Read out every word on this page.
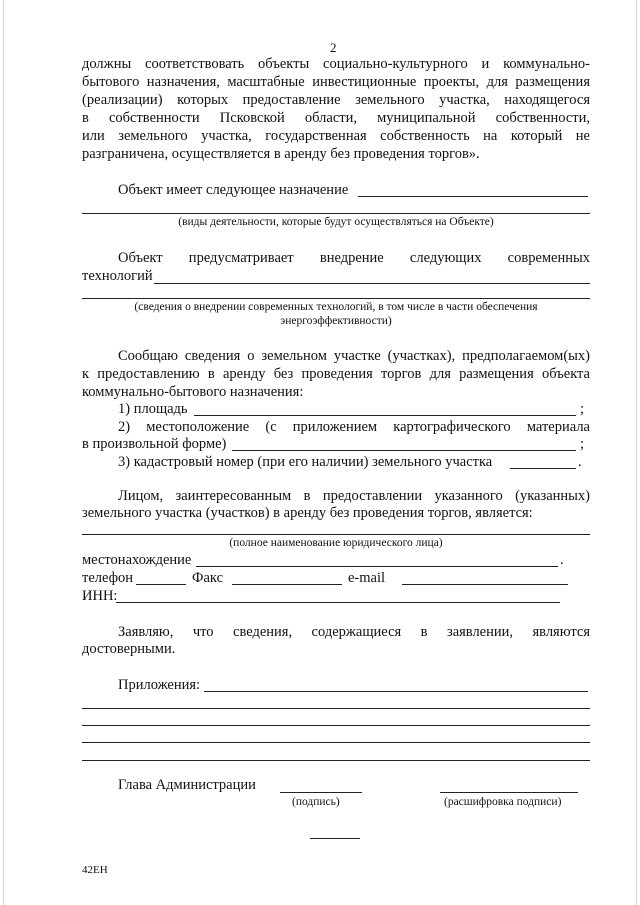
2
должны соответствовать объекты социально-культурного и коммунально-
бытового назначения, масштабные инвестиционные проекты, для размещения
(реализации) которых предоставление земельного участка, находящегося
в собственности Псковской области, муниципальной собственности,
или земельного участка, государственная собственность на который не
разграничена, осуществляется в аренду без проведения торгов».
Объект имеет следующее назначение
(виды деятельности, которые будут осуществляться на Объекте)
Объект предусматривает внедрение следующих современных
технологий
(сведения о внедрении современных технологий, в том числе в части обеспечения
энергоэффективности)
Сообщаю сведения о земельном участке (участках), предполагаемом(ых)
к предоставлению в аренду без проведения торгов для размещения объекта
коммунально-бытового назначения:
1) площадь	;
2) местоположение (с приложением картографического материала
в произвольной форме)	;
3) кадастровый номер (при его наличии) земельного участка	.
Лицом, заинтересованным в предоставлении указанного (указанных)
земельного участка (участков) в аренду без проведения торгов, является:
(полное наименование юридического лица)
местонахождение	.
телефон	Факс	e-mail
ИНН:
Заявляю, что сведения, содержащиеся в заявлении, являются
достоверными.
Приложения:
Глава Администрации
(подпись)	(расшифровка подписи)
42ЕН
